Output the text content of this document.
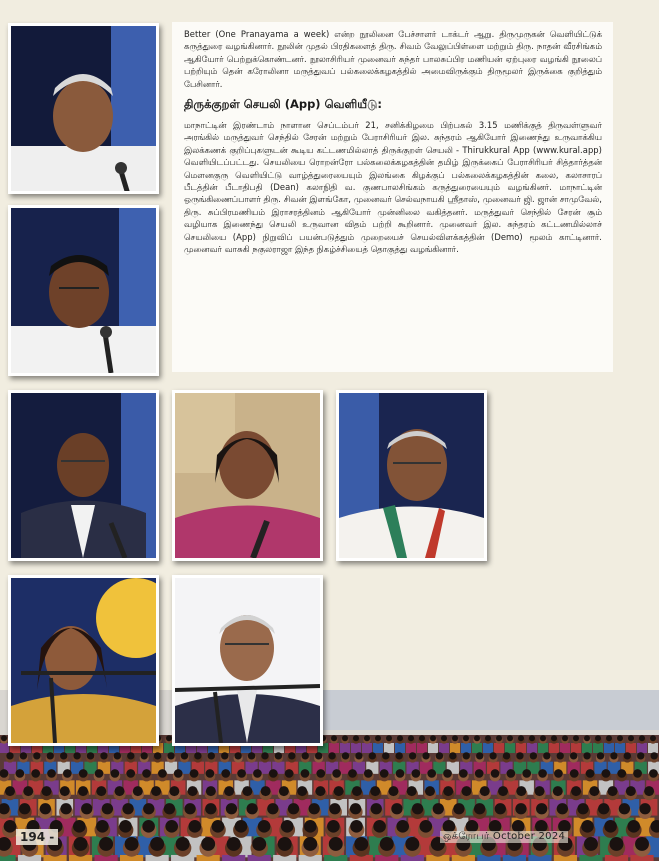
Better (One Pranayama a week) என்ற நூலினை பேச்சாளர் டாக்டர் ஆறு. திருமுருகன் வெளியிட்டுக் கருத்துரை வழங்கினார். நூலின் முதல் பிரதிகளைத் திரு. சிவம் வேலுப்பிள்ளை மற்றும் திரு. நாதன் வீரசிங்கம் ஆகியோர் பெற்றுக்கொண்டனர். நூலாசிரியர் முனைவர் சுந்தர் பாலசுப்பிர மணியன் ஏற்புரை வழங்கி நூலைப் பற்றியும் தென் கரோலினா மருத்துவப் பல்கலைக்கழகத்தில் அமைவிருக்கும் திருமூலர் இருக்கை குறித்தும் பேசினார்.

திருக்குறள் செயலி (App) வெளியீடு:

மாநாட்டின் இரண்டாம் நாளான செப்டம்பர் 21, சனிக்கிழமை பிற்பகல் 3.15 மணிக்குத் திருவள்ளுவர் அரங்கில் மருத்துவர் செந்தில் சேரன் மற்றும் பேராசிரியர் இல. சுந்தரம் ஆகியோர் இணைந்து உருவாக்கிய இலக்கணக் குறிப்புகளுடன் கூடிய கட்டணமில்லாத் திருக்குறள் செயலி - Thirukkural App (www.kural.app) வெளியிடப்பட்டது. செயலியை ரொறன்ரோ பல்கலைக்கழகத்தின் தமிழ் இருக்கைப் பேராசிரியர் சித்தார்த்தன் மௌனகுரு வெளியிட்டு வாழ்த்துரையையும் இலங்கை கிழக்குப் பல்கலைக்கழகத்தின் கலை, கலாசாரப் பீடத்தின் பீடாதிபதி (Dean) கலாநிதி வ. குணபாலசிங்கம் கருத்துரையையும் வழங்கினர். மாநாட்டின் ஒருங்கிணைப்பாளர் திரு. சிவன் இளங்கோ, முனைவர் செல்வநாயகி ஸ்ரீதாஸ், முனைவர் ஜி. ஜான் சாமுவேல், திரு. சுப்பிரமணியம் இராசரத்தினம் ஆகியோர் முன்னிலை வகித்தனர். மருத்துவர் செந்தில் சேரன் சூம் வழியாக இணைந்து செயலி உருவான விதம் பற்றி கூறினார். முனைவர் இல. சுந்தரம் கட்டணமில்லாச் செயலியை (App) நிறுவிப் பயன்படுத்தும் முறையைச் செயல்விளக்கத்தின் (Demo) மூலம் காட்டினார். முனைவர் வாசுகி நகுலராஜா இந்த நிகழ்ச்சியைத் தொகுத்து வழங்கினார்.

194 -	ஒக்ரோபர் October 2024
